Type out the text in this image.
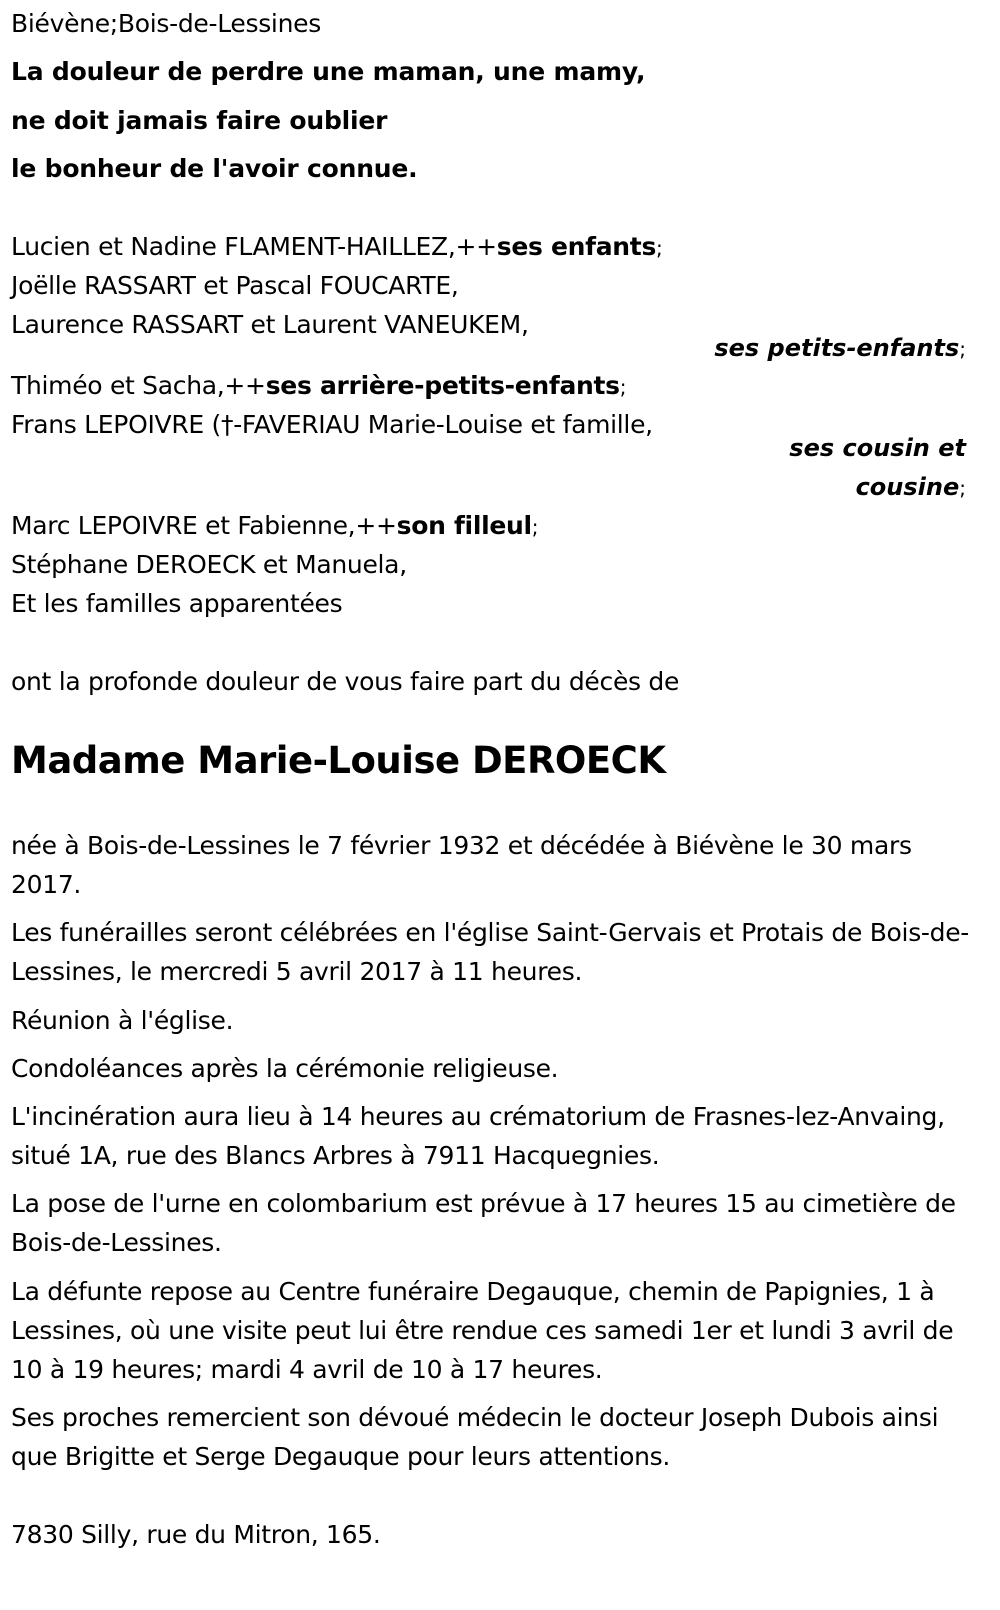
Biévène;Bois-de-Lessines
La douleur de perdre une maman, une mamy,
ne doit jamais faire oublier
le bonheur de l'avoir connue.
Lucien et Nadine FLAMENT-HAILLEZ,++ses enfants;
Joëlle RASSART et Pascal FOUCARTE,
Laurence RASSART et Laurent VANEUKEM,
ses petits-enfants;
Thiméo et Sacha,++ses arrière-petits-enfants;
Frans LEPOIVRE (†-FAVERIAU Marie-Louise et famille,
ses cousin et
cousine;
Marc LEPOIVRE et Fabienne,++son filleul;
Stéphane DEROECK et Manuela,
Et les familles apparentées
ont la profonde douleur de vous faire part du décès de
Madame Marie-Louise DEROECK
née à Bois-de-Lessines le 7 février 1932 et décédée à Biévène le 30 mars 2017.
Les funérailles seront célébrées en l'église Saint-Gervais et Protais de Bois-de-Lessines, le mercredi 5 avril 2017 à 11 heures.
Réunion à l'église.
Condoléances après la cérémonie religieuse.
L'incinération aura lieu à 14 heures au crématorium de Frasnes-lez-Anvaing, situé 1A, rue des Blancs Arbres à 7911 Hacquegnies.
La pose de l'urne en colombarium est prévue à 17 heures 15 au cimetière de Bois-de-Lessines.
La défunte repose au Centre funéraire Degauque, chemin de Papignies, 1 à Lessines, où une visite peut lui être rendue ces samedi 1er et lundi 3 avril de 10 à 19 heures; mardi 4 avril de 10 à 17 heures.
Ses proches remercient son dévoué médecin le docteur Joseph Dubois ainsi que Brigitte et Serge Degauque pour leurs attentions.
7830 Silly, rue du Mitron, 165.
